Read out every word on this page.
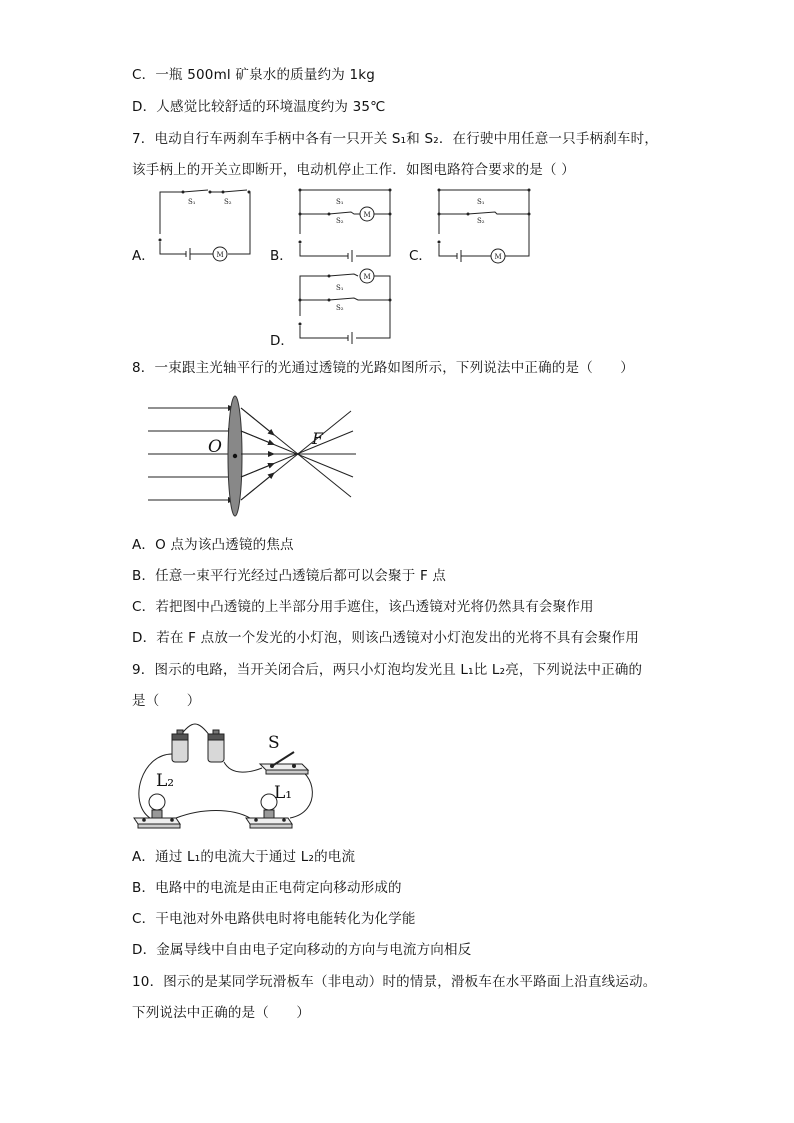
C．一瓶 500ml 矿泉水的质量约为 1kg
D．人感觉比较舒适的环境温度约为 35℃
7．电动自行车两刹车手柄中各有一只开关 S₁和 S₂．在行驶中用任意一只手柄刹车时，
该手柄上的开关立即断开，电动机停止工作．如图电路符合要求的是（ ）
A．	B．	C．
D．
S₁	S₂
M
S₁
S₂
M
S₁
S₂
M
M
S₁
S₂
8．一束跟主光轴平行的光通过透镜的光路如图所示，下列说法中正确的是（　　）
O	F
A．O 点为该凸透镜的焦点
B．任意一束平行光经过凸透镜后都可以会聚于 F 点
C．若把图中凸透镜的上半部分用手遮住，该凸透镜对光将仍然具有会聚作用
D．若在 F 点放一个发光的小灯泡，则该凸透镜对小灯泡发出的光将不具有会聚作用
9．图示的电路，当开关闭合后，两只小灯泡均发光且 L₁比 L₂亮，下列说法中正确的
是（　　）
S
L₂
L₁
A．通过 L₁的电流大于通过 L₂的电流
B．电路中的电流是由正电荷定向移动形成的
C．干电池对外电路供电时将电能转化为化学能
D．金属导线中自由电子定向移动的方向与电流方向相反
10．图示的是某同学玩滑板车（非电动）时的情景，滑板车在水平路面上沿直线运动。
下列说法中正确的是（　　）
